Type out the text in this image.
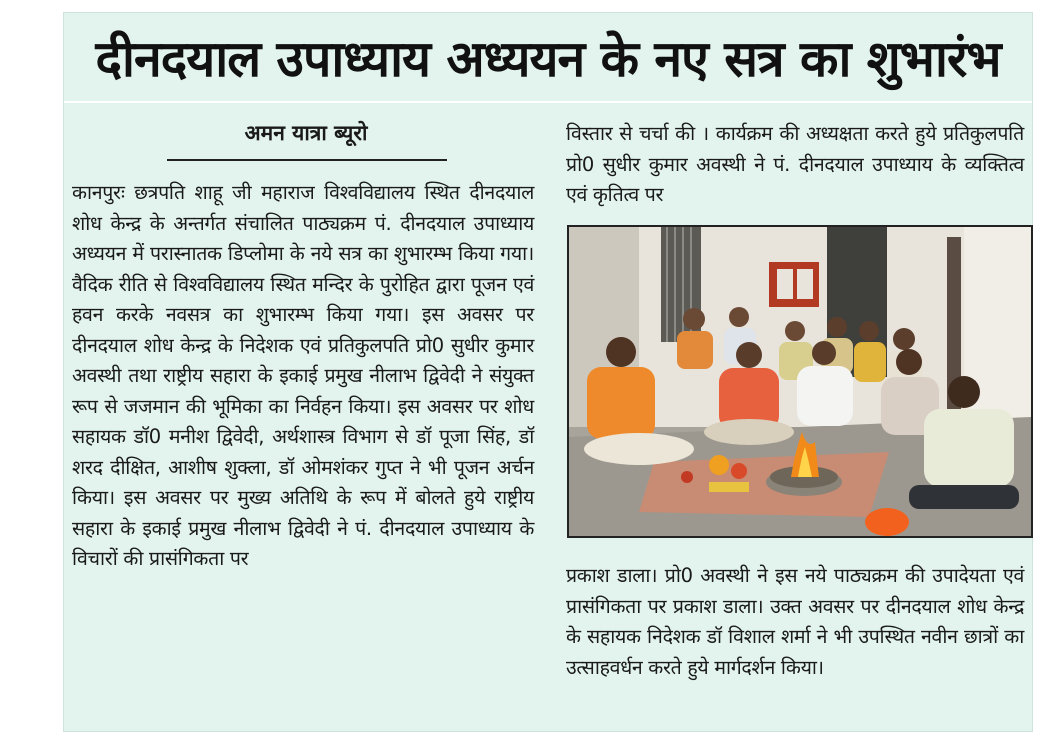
दीनदयाल उपाध्याय अध्ययन के नए सत्र का शुभारंभ
अमन यात्रा ब्यूरो

कानपुरः छत्रपति शाहू जी महाराज विश्वविद्यालय स्थित दीनदयाल शोध केन्द्र के अन्तर्गत संचालित पाठ्यक्रम पं. दीनदयाल उपाध्याय अध्ययन में परास्नातक डिप्लोमा के नये सत्र का शुभारम्भ किया गया। वैदिक रीति से विश्वविद्यालय स्थित मन्दिर के पुरोहित द्वारा पूजन एवं हवन करके नवसत्र का शुभारम्भ किया गया। इस अवसर पर दीनदयाल शोध केन्द्र के निदेशक एवं प्रतिकुलपति प्रो0 सुधीर कुमार अवस्थी तथा राष्ट्रीय सहारा के इकाई प्रमुख नीलाभ द्विवेदी ने संयुक्त रूप से जजमान की भूमिका का निर्वहन किया। इस अवसर पर शोध सहायक डॉ0 मनीश द्विवेदी, अर्थशास्त्र विभाग से डॉ पूजा सिंह, डॉ शरद दीक्षित, आशीष शुक्ला, डॉ ओमशंकर गुप्त ने भी पूजन अर्चन किया। इस अवसर पर मुख्य अतिथि के रूप में बोलते हुये राष्ट्रीय सहारा के इकाई प्रमुख नीलाभ द्विवेदी ने पं. दीनदयाल उपाध्याय के विचारों की प्रासंगिकता पर

विस्तार से चर्चा की । कार्यक्रम की अध्यक्षता करते हुये प्रतिकुलपति प्रो0 सुधीर कुमार अवस्थी ने पं. दीनदयाल उपाध्याय के व्यक्तित्व एवं कृतित्व पर

प्रकाश डाला। प्रो0 अवस्थी ने इस नये पाठ्यक्रम की उपादेयता एवं प्रासंगिकता पर प्रकाश डाला। उक्त अवसर पर दीनदयाल शोध केन्द्र के सहायक निदेशक डॉ विशाल शर्मा ने भी उपस्थित नवीन छात्रों का उत्साहवर्धन करते हुये मार्गदर्शन किया।
